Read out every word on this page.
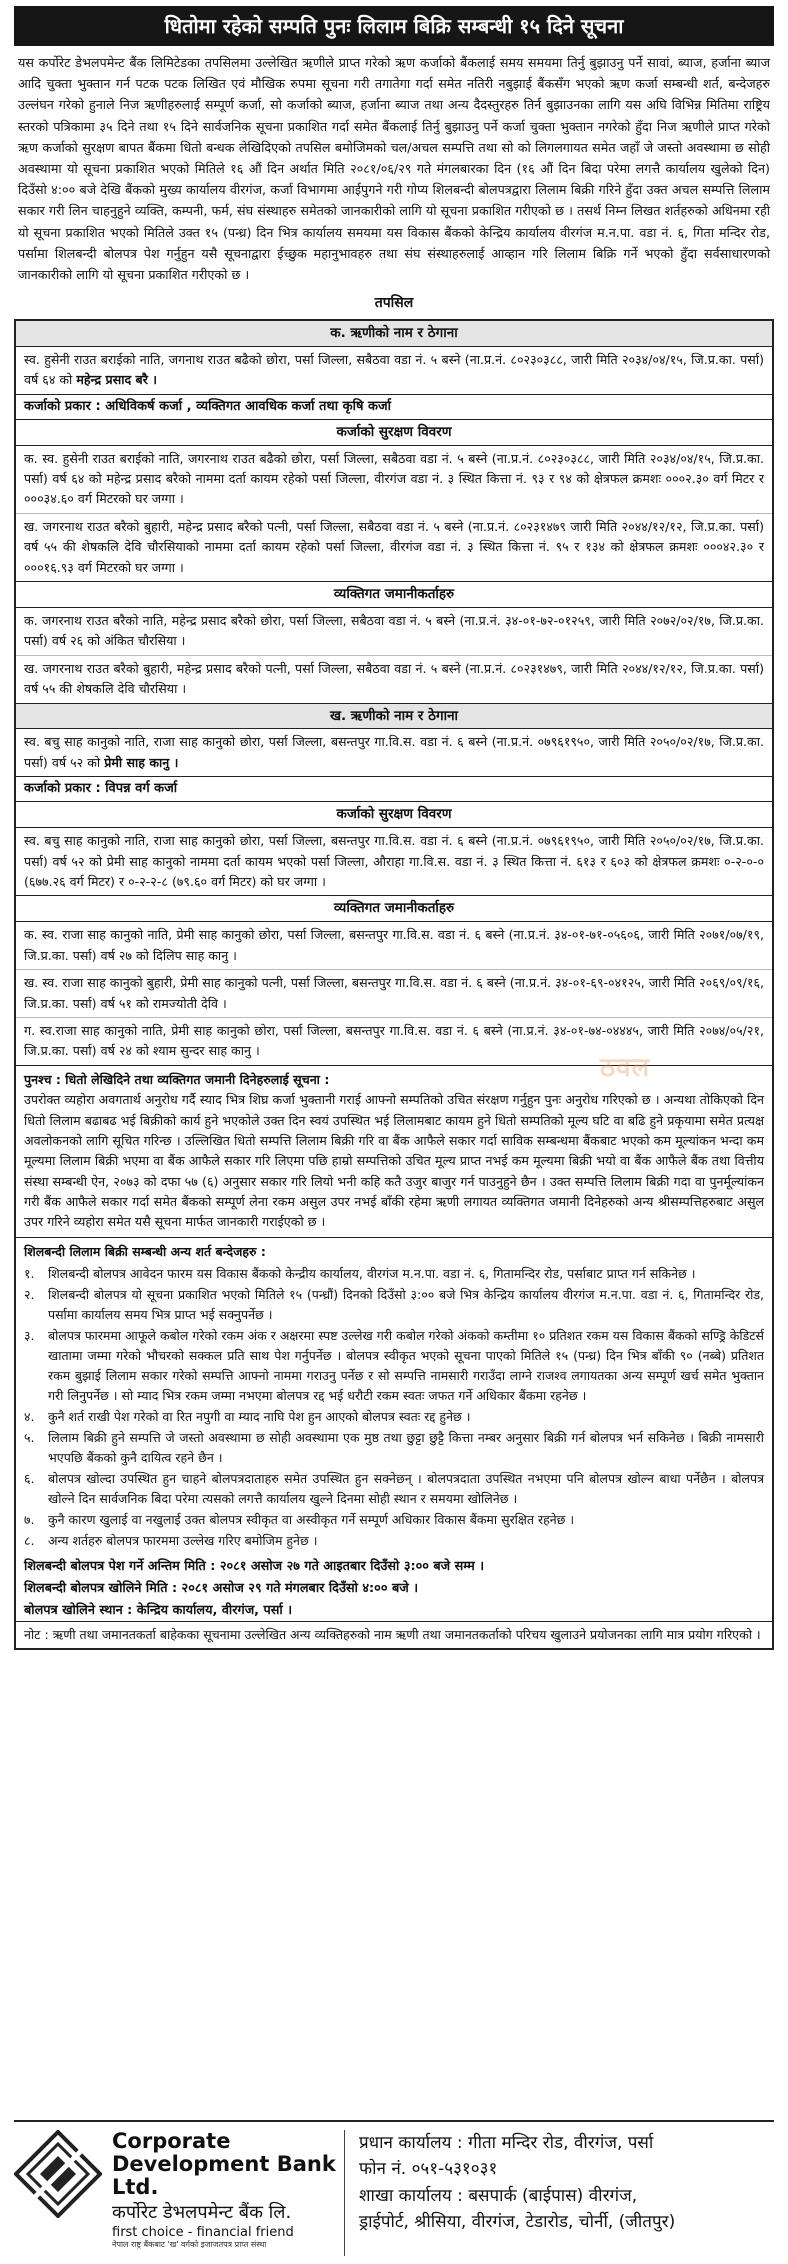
धितोमा रहेको सम्पति पुनः लिलाम बिक्रि सम्बन्धी १५ दिने सूचना

यस कर्पोरेट डेभलपमेन्ट बैंक लिमिटेडका तपसिलमा उल्लेखित ऋणीले प्राप्त गरेको ऋण कर्जाको बैंकलाई समय समयमा तिर्नु बुझाउनु पर्ने सावां, ब्याज, हर्जाना ब्याज आदि चुक्ता भुक्तान गर्न पटक पटक लिखित एवं मौखिक रुपमा सूचना गरी तगातेगा गर्दा समेत नतिरी नबुझाई बैंकसँग भएको ऋण कर्जा सम्बन्धी शर्त, बन्देजहरु उल्लंघन गरेको हुनाले निज ऋणीहरुलाई सम्पूर्ण कर्जा, सो कर्जाको ब्याज, हर्जाना ब्याज तथा अन्य दैदस्तुरहरु तिर्न बुझाउनका लागि यस अघि विभिन्न मितिमा राष्ट्रिय स्तरको पत्रिकामा ३५ दिने तथा १५ दिने सार्वजनिक सूचना प्रकाशित गर्दा समेत बैंकलाई तिर्नु बुझाउनु पर्ने कर्जा चुक्ता भुक्तान नगरेको हुँदा निज ऋणीले प्राप्त गरेको ऋण कर्जाको सुरक्षण बापत बैंकमा धितो बन्धक लेखिदिएको तपसिल बमोजिमको चल/अचल सम्पत्ति तथा सो को लिगलगायत समेत जहाँ जे जस्तो अवस्थामा छ सोही अवस्थामा यो सूचना प्रकाशित भएको मितिले १६ औं दिन अर्थात मिति २०८१/०६/२९ गते मंगलबारका दिन (१६ औं दिन बिदा परेमा लगत्तै कार्यालय खुलेको दिन) दिउँसो ४:०० बजे देखि बैंकको मुख्य कार्यालय वीरगंज, कर्जा विभागमा आईपुगने गरी गोप्य शिलबन्दी बोलपत्रद्वारा लिलाम बिक्री गरिने हुँदा उक्त अचल सम्पत्ति लिलाम सकार गरी लिन चाहनुहुने व्यक्ति, कम्पनी, फर्म, संघ संस्थाहरु समेतको जानकारीको लागि यो सूचना प्रकाशित गरीएको छ । तसर्थ निम्न लिखत शर्तहरुको अधिनमा रही यो सूचना प्रकाशित भएको मितिले उक्त १५ (पन्ध्र) दिन भित्र कार्यालय समयमा यस विकास बैंकको केन्द्रिय कार्यालय वीरगंज म.न.पा. वडा नं. ६, गिता मन्दिर रोड, पर्सामा शिलबन्दी बोलपत्र पेश गर्नुहुन यसै सूचनाद्वारा ईच्छुक महानुभावहरु तथा संघ संस्थाहरुलाई आव्हान गरि लिलाम बिक्रि गर्ने भएको हुँदा सर्वसाधारणको जानकारीको लागि यो सूचना प्रकाशित गरीएको छ ।

तपसिल
क. ऋणीको नाम र ठेगाना
स्व. हुसेनी राउत बराईको नाति, जगनाथ राउत बढैको छोरा, पर्सा जिल्ला, सबैठवा वडा नं. ५ बस्ने (ना.प्र.नं. ८०२३०३८८, जारी मिति २०३४/०४/१५, जि.प्र.का. पर्सा) वर्ष ६४ को महेन्द्र प्रसाद बरै ।
कर्जाको प्रकार : अधिविकर्ष कर्जा , व्यक्तिगत आवधिक कर्जा तथा कृषि कर्जा
कर्जाको सुरक्षण विवरण
क. स्व. हुसेनी राउत बराईको नाति, जगरनाथ राउत बढैको छोरा, पर्सा जिल्ला, सबैठवा वडा नं. ५ बस्ने (ना.प्र.नं. ८०२३०३८८, जारी मिति २०३४/०४/१५, जि.प्र.का. पर्सा) वर्ष ६४ को महेन्द्र प्रसाद बरैको नाममा दर्ता कायम रहेको पर्सा जिल्ला, वीरगंज वडा नं. ३ स्थित कित्ता नं. ९३ र ९४ को क्षेत्रफल क्रमशः ०००२.३० वर्ग मिटर र ०००३४.६० वर्ग मिटरको घर जग्गा ।
ख. जगरनाथ राउत बरैको बुहारी, महेन्द्र प्रसाद बरैको पत्नी, पर्सा जिल्ला, सबैठवा वडा नं. ५ बस्ने (ना.प्र.नं. ८०२३१४७९ जारी मिति २०४४/१२/१२, जि.प्र.का. पर्सा) वर्ष ५५ की शेषकलि देवि चौरसियाको नाममा दर्ता कायम रहेको पर्सा जिल्ला, वीरगंज वडा नं. ३ स्थित कित्ता नं. ९५ र १३४ को क्षेत्रफल क्रमशः ०००४२.३० र ०००१६.९३ वर्ग मिटरको घर जग्गा ।
व्यक्तिगत जमानीकर्ताहरु
क. जगरनाथ राउत बरैको नाति, महेन्द्र प्रसाद बरैको छोरा, पर्सा जिल्ला, सबैठवा वडा नं. ५ बस्ने (ना.प्र.नं. ३४-०१-७२-०१२५९, जारी मिति २०७२/०२/१७, जि.प्र.का. पर्सा) वर्ष २६ को अंकित चौरसिया ।
ख. जगरनाथ राउत बरैको बुहारी, महेन्द्र प्रसाद बरैको पत्नी, पर्सा जिल्ला, सबैठवा वडा नं. ५ बस्ने (ना.प्र.नं. ८०२३१४७९, जारी मिति २०४४/१२/१२, जि.प्र.का. पर्सा) वर्ष ५५ की शेषकलि देवि चौरसिया ।
ख. ऋणीको नाम र ठेगाना
स्व. बचु साह कानुको नाति, राजा साह कानुको छोरा, पर्सा जिल्ला, बसन्तपुर गा.वि.स. वडा नं. ६ बस्ने (ना.प्र.नं. ०७९६१९५०, जारी मिति २०५०/०२/१७, जि.प्र.का. पर्सा) वर्ष ५२ को प्रेमी साह कानु ।
कर्जाको प्रकार : विपन्न वर्ग कर्जा
कर्जाको सुरक्षण विवरण
स्व. बचु साह कानुको नाति, राजा साह कानुको छोरा, पर्सा जिल्ला, बसन्तपुर गा.वि.स. वडा नं. ६ बस्ने (ना.प्र.नं. ०७९६१९५०, जारी मिति २०५०/०२/१७, जि.प्र.का. पर्सा) वर्ष ५२ को प्रेमी साह कानुको नाममा दर्ता कायम भएको पर्सा जिल्ला, औराहा गा.वि.स. वडा नं. ३ स्थित कित्ता नं. ६१३ र ६०३ को क्षेत्रफल क्रमशः ०-२-०-० (६७७.२६ वर्ग मिटर) र ०-२-२-८ (७९.६० वर्ग मिटर) को घर जग्गा ।
व्यक्तिगत जमानीकर्ताहरु
क. स्व. राजा साह कानुको नाति, प्रेमी साह कानुको छोरा, पर्सा जिल्ला, बसन्तपुर गा.वि.स. वडा नं. ६ बस्ने (ना.प्र.नं. ३४-०१-७१-०५६०६, जारी मिति २०७१/०७/१९, जि.प्र.का. पर्सा) वर्ष २७ को दिलिप साह कानु ।
ख. स्व. राजा साह कानुको बुहारी, प्रेमी साह कानुको पत्नी, पर्सा जिल्ला, बसन्तपुर गा.वि.स. वडा नं. ६ बस्ने (ना.प्र.नं. ३४-०१-६९-०४१२५, जारी मिति २०६९/०९/१६, जि.प्र.का. पर्सा) वर्ष ५१ को रामज्योती देवि ।
ग. स्व.राजा साह कानुको नाति, प्रेमी साह कानुको छोरा, पर्सा जिल्ला, बसन्तपुर गा.वि.स. वडा नं. ६ बस्ने (ना.प्र.नं. ३४-०१-७४-०४४४५, जारी मिति २०७४/०५/२१, जि.प्र.का. पर्सा) वर्ष २४ को श्याम सुन्दर साह कानु ।
पुनश्च : धितो लेखिदिने तथा व्यक्तिगत जमानी दिनेहरुलाई सूचना :
उपरोक्त व्यहोरा अवगतार्थ अनुरोध गर्दै स्याद भित्र शिघ्र कर्जा भुक्तानी गराई आफ्नो सम्पतिको उचित संरक्षण गर्नुहुन पुनः अनुरोध गरिएको छ । अन्यथा तोकिएको दिन धितो लिलाम बढाबढ भई बिक्रीको कार्य हुने भएकोले उक्त दिन स्वयं उपस्थित भई लिलामबाट कायम हुने धितो सम्पतिको मूल्य घटि वा बढि हुने प्रकृयामा समेत प्रत्यक्ष अवलोकनको लागि सूचित गरिन्छ । उल्लिखित धितो सम्पत्ति लिलाम बिक्री गरि वा बैंक आफैले सकार गर्दा साविक सम्बन्धमा बैंकबाट भएको कम मूल्यांकन भन्दा कम मूल्यमा लिलाम बिक्री भएमा वा बैंक आफैले सकार गरि लिएमा पछि हाम्रो सम्पत्तिको उचित मूल्य प्राप्त नभई कम मूल्यमा बिक्री भयो वा बैंक आफैले बैंक तथा वित्तीय संस्था सम्बन्धी ऐन, २०७३ को दफा ५७ (६) अनुसार सकार गरि लियो भनी कहि कतै उजुर बाजुर गर्न पाउनुहुने छैन । उक्त सम्पत्ति लिलाम बिक्री गदा वा पुनर्मूल्यांकन गरी बैंक आफैले सकार गर्दा समेत बैंकको सम्पूर्ण लेना रकम असुल उपर नभई बाँकी रहेमा ऋणी लगायत व्यक्तिगत जमानी दिनेहरुको अन्य श्रीसम्पत्तिहरुबाट असुल उपर गरिने व्यहोरा समेत यसै सूचना मार्फत जानकारी गराईएको छ ।
शिलबन्दी लिलाम बिक्री सम्बन्धी अन्य शर्त बन्देजहरु :
१.	शिलबन्दी बोलपत्र आवेदन फारम यस विकास बैंकको केन्द्रीय कार्यालय, वीरगंज म.न.पा. वडा नं. ६, गितामन्दिर रोड, पर्साबाट प्राप्त गर्न सकिनेछ ।
२.	शिलबन्दी बोलपत्र यो सूचना प्रकाशित भएको मितिले १५ (पन्ध्रौं) दिनको दिउँसो ३:०० बजे भित्र केन्द्रिय कार्यालय वीरगंज म.न.पा. वडा नं. ६, गितामन्दिर रोड, पर्सामा कार्यालय समय भित्र प्राप्त भई सक्नुपर्नेछ ।
३.	बोलपत्र फारममा आफूले कबोल गरेको रकम अंक र अक्षरमा स्पष्ट उल्लेख गरी कबोल गरेको अंकको कम्तीमा १० प्रतिशत रकम यस विकास बैंकको सण्ड्रि केडिटर्स खातामा जम्मा गरेको भौचरको सक्कल प्रति साथ पेश गर्नुपर्नेछ । बोलपत्र स्वीकृत भएको सूचना पाएको मितिले १५ (पन्ध्र) दिन भित्र बाँकी ९० (नब्बे) प्रतिशत रकम बुझाई लिलाम सकार गरेको सम्पत्ति आफ्नो नाममा गराउनु पर्नेछ र सो सम्पत्ति नामसारी गराउँदा लाग्ने राजश्व लगायतका अन्य सम्पूर्ण खर्च समेत भुक्तान गरी लिनुपर्नेछ । सो म्याद भित्र रकम जम्मा नभएमा बोलपत्र रद्द भई धरौटी रकम स्वतः जफत गर्ने अधिकार बैंकमा रहनेछ ।
४.	कुनै शर्त राखी पेश गरेको वा रित नपुगी वा म्याद नाघि पेश हुन आएको बोलपत्र स्वतः रद्द हुनेछ ।
५.	लिलाम बिक्री हुने सम्पत्ति जे जस्तो अवस्थामा छ सोही अवस्थामा एक मुष्ठ तथा छुट्टा छुट्टै कित्ता नम्बर अनुसार बिक्री गर्न बोलपत्र भर्न सकिनेछ । बिक्री नामसारी भएपछि बैंकको कुनै दायित्व रहने छैन ।
६.	बोलपत्र खोल्दा उपस्थित हुन चाहने बोलपत्रदाताहरु समेत उपस्थित हुन सक्नेछन् । बोलपत्रदाता उपस्थित नभएमा पनि बोलपत्र खोल्न बाधा पर्नेछैन । बोलपत्र खोल्ने दिन सार्वजनिक बिदा परेमा त्यसको लगत्तै कार्यालय खुल्ने दिनमा सोही स्थान र समयमा खोलिनेछ ।
७.	कुनै कारण खुलाई वा नखुलाई उक्त बोलपत्र स्वीकृत वा अस्वीकृत गर्ने सम्पूर्ण अधिकार विकास बैंकमा सुरक्षित रहनेछ ।
८.	अन्य शर्तहरु बोलपत्र फारममा उल्लेख गरिए बमोजिम हुनेछ ।
शिलबन्दी बोलपत्र पेश गर्ने अन्तिम मिति : २०८१ असोज २७ गते आइतबार दिउँसो ३:०० बजे सम्म ।
शिलबन्दी बोलपत्र खोलिने मिति : २०८१ असोज २९ गते मंगलबार दिउँसो ४:०० बजे ।
बोलपत्र खोलिने स्थान : केन्द्रिय कार्यालय, वीरगंज, पर्सा ।
नोट : ऋणी तथा जमानतकर्ता बाहेकका सूचनामा उल्लेखित अन्य व्यक्तिहरुको नाम ऋणी तथा जमानतकर्ताको परिचय खुलाउने प्रयोजनका लागि मात्र प्रयोग गरिएको ।
ठवल
Corporate Development Bank Ltd.
कर्पोरेट डेभलपमेन्ट बैंक लि.
first choice - financial friend
नेपाल राष्ट्र बैंकबाट 'ख' वर्गको इजाजतपत्र प्राप्त संस्था
प्रधान कार्यालय : गीता मन्दिर रोड, वीरगंज, पर्सा
फोन नं. ०५१-५३१०३१
शाखा कार्यालय : बसपार्क (बाईपास) वीरगंज,
ड्राईपोर्ट, श्रीसिया, वीरगंज, टेडारोड, चोर्नी, (जीतपुर)
